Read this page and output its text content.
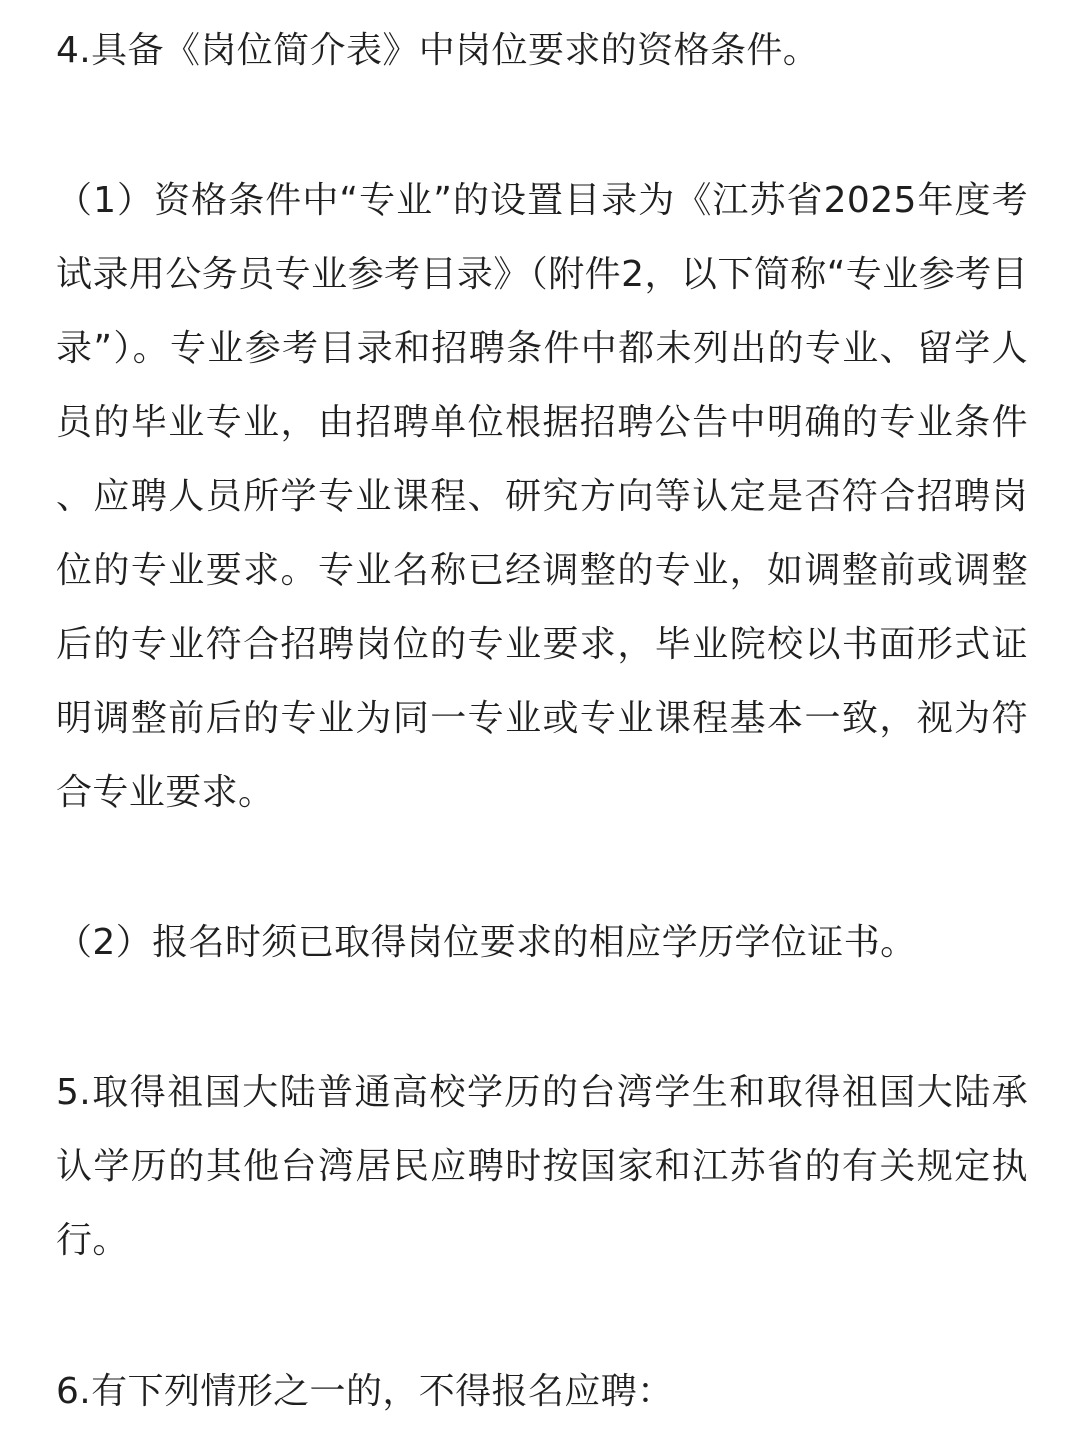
4.具备《岗位简介表》中岗位要求的资格条件。

（1）资格条件中“专业”的设置目录为《江苏省2025年度考试录用公务员专业参考目录》（附件2，以下简称“专业参考目录”）。专业参考目录和招聘条件中都未列出的专业、留学人员的毕业专业，由招聘单位根据招聘公告中明确的专业条件、应聘人员所学专业课程、研究方向等认定是否符合招聘岗位的专业要求。专业名称已经调整的专业，如调整前或调整后的专业符合招聘岗位的专业要求，毕业院校以书面形式证明调整前后的专业为同一专业或专业课程基本一致，视为符合专业要求。

（2）报名时须已取得岗位要求的相应学历学位证书。

5.取得祖国大陆普通高校学历的台湾学生和取得祖国大陆承认学历的其他台湾居民应聘时按国家和江苏省的有关规定执行。

6.有下列情形之一的，不得报名应聘：
